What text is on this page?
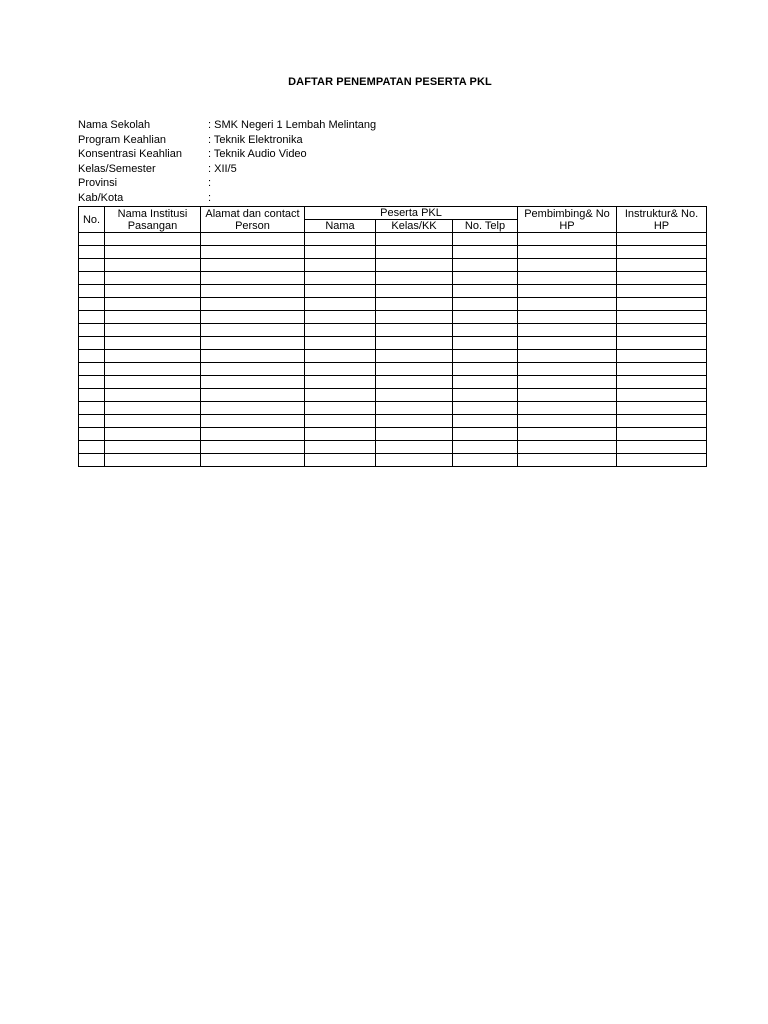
DAFTAR PENEMPATAN PESERTA PKL
Nama Sekolah	: SMK Negeri 1 Lembah Melintang
Program Keahlian	: Teknik Elektronika
Konsentrasi Keahlian	: Teknik Audio Video
Kelas/Semester	: XII/5
Provinsi	:
Kab/Kota	:
No.	Nama Institusi Pasangan	Alamat dan contact Person	Peserta PKL			Pembimbing& No HP	Instruktur& No. HP
			Nama	Kelas/KK	No. Telp		
